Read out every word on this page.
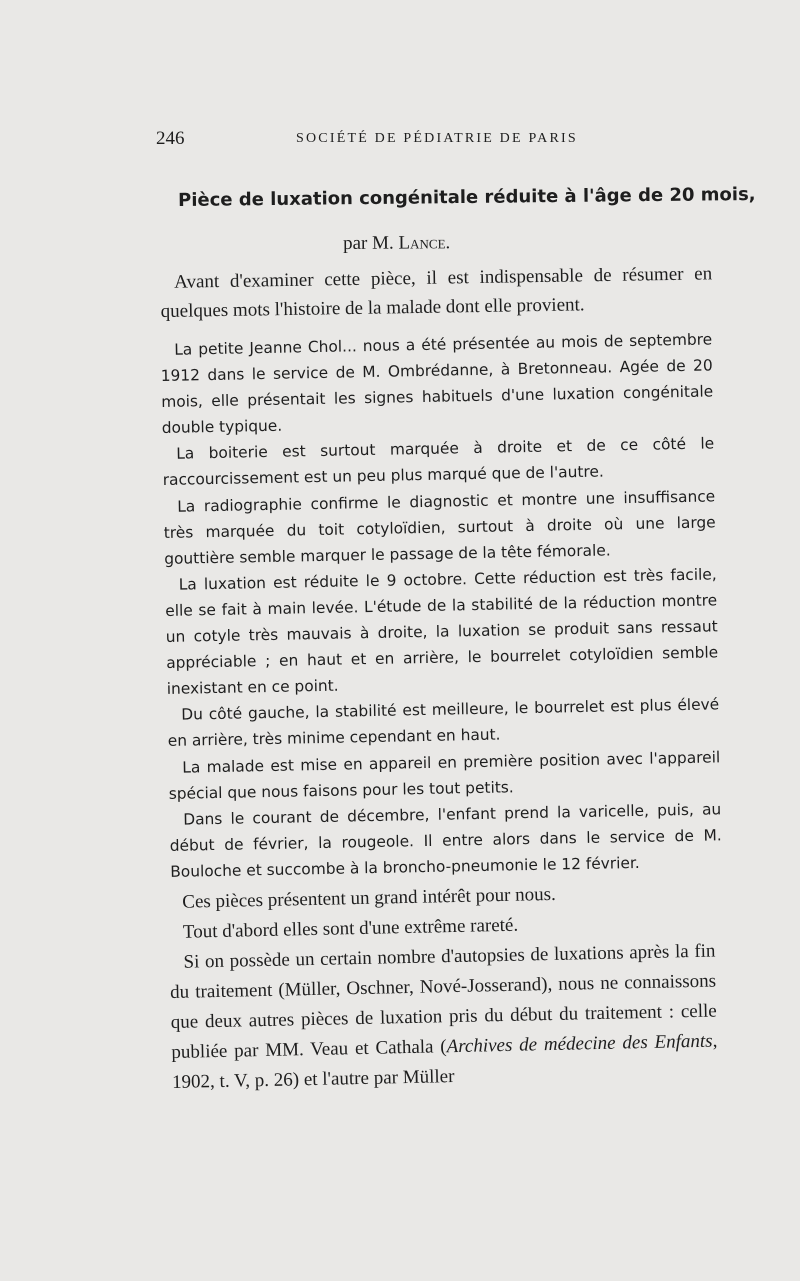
246	SOCIÉTÉ DE PÉDIATRIE DE PARIS
Pièce de luxation congénitale réduite à l'âge de 20 mois,
par M. Lance.

Avant d'examiner cette pièce, il est indispensable de résumer en quelques mots l'histoire de la malade dont elle provient.

La petite Jeanne Chol... nous a été présentée au mois de septembre 1912 dans le service de M. Ombrédanne, à Bretonneau. Agée de 20 mois, elle présentait les signes habituels d'une luxation congénitale double typique.

La boiterie est surtout marquée à droite et de ce côté le raccourcissement est un peu plus marqué que de l'autre.

La radiographie confirme le diagnostic et montre une insuffisance très marquée du toit cotyloïdien, surtout à droite où une large gouttière semble marquer le passage de la tête fémorale.

La luxation est réduite le 9 octobre. Cette réduction est très facile, elle se fait à main levée. L'étude de la stabilité de la réduction montre un cotyle très mauvais à droite, la luxation se produit sans ressaut appréciable ; en haut et en arrière, le bourrelet cotyloïdien semble inexistant en ce point.

Du côté gauche, la stabilité est meilleure, le bourrelet est plus élevé en arrière, très minime cependant en haut.

La malade est mise en appareil en première position avec l'appareil spécial que nous faisons pour les tout petits.

Dans le courant de décembre, l'enfant prend la varicelle, puis, au début de février, la rougeole. Il entre alors dans le service de M. Bouloche et succombe à la broncho-pneumonie le 12 février.

Ces pièces présentent un grand intérêt pour nous.

Tout d'abord elles sont d'une extrême rareté.

Si on possède un certain nombre d'autopsies de luxations après la fin du traitement (Müller, Oschner, Nové-Josserand), nous ne connaissons que deux autres pièces de luxation pris du début du traitement : celle publiée par MM. Veau et Cathala (Archives de médecine des Enfants, 1902, t. V, p. 26) et l'autre par Müller
